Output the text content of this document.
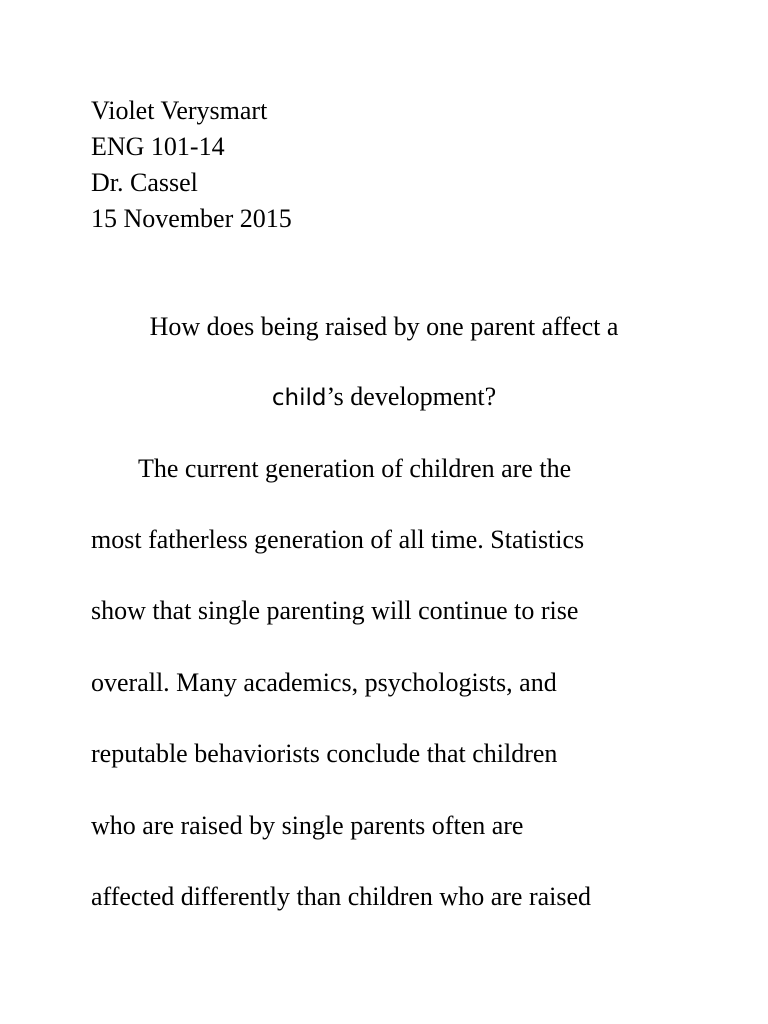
Violet Verysmart
ENG 101-14
Dr. Cassel
15 November 2015
How does being raised by one parent affect a
child’s development?
The current generation of children are the
most fatherless generation of all time. Statistics
show that single parenting will continue to rise
overall. Many academics, psychologists, and
reputable behaviorists conclude that children
who are raised by single parents often are
affected differently than children who are raised
